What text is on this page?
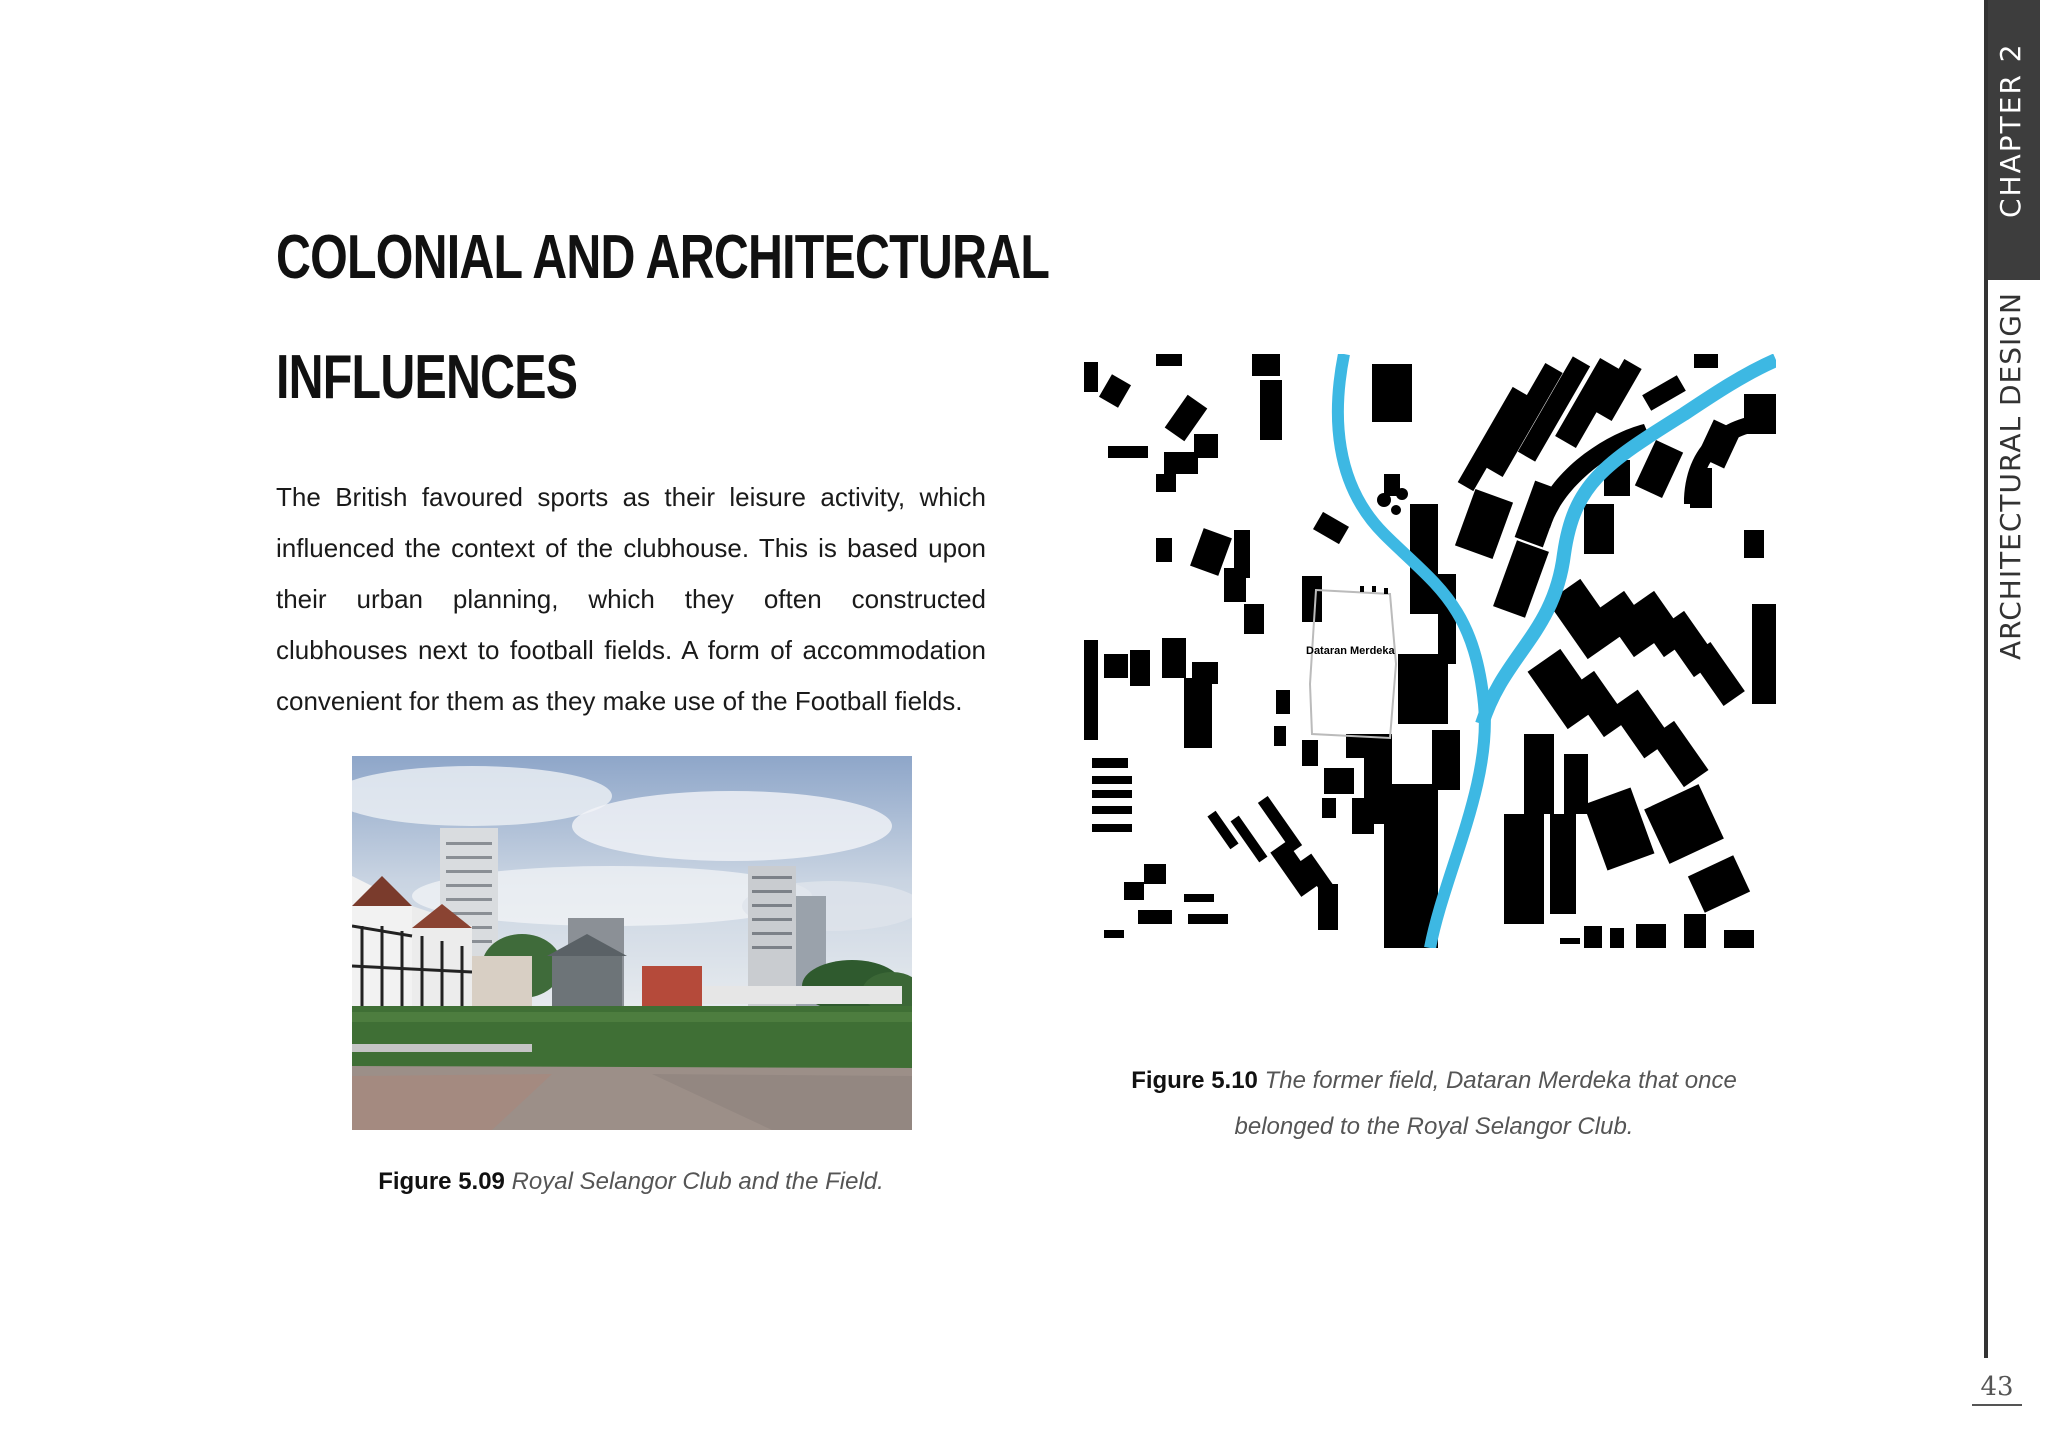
COLONIAL AND ARCHITECTURAL
INFLUENCES

The British favoured sports as their leisure activity, which influenced the context of the clubhouse. This is based upon their urban planning, which they often constructed clubhouses next to football fields. A form of accommodation convenient for them as they make use of the Football fields.

Figure 5.09 Royal Selangor Club and the Field.
Dataran Merdeka
Figure 5.10 The former field, Dataran Merdeka that once belonged to the Royal Selangor Club.
CHAPTER 2
ARCHITECTURAL DESIGN
43
